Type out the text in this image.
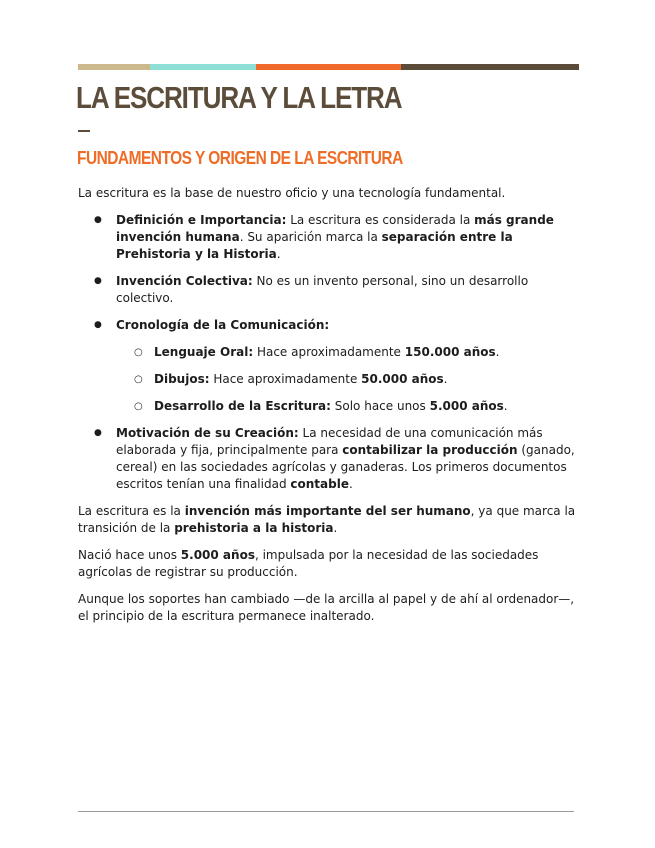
LA ESCRITURA Y LA LETRA
FUNDAMENTOS Y ORIGEN DE LA ESCRITURA

La escritura es la base de nuestro oficio y una tecnología fundamental.

● Definición e Importancia: La escritura es considerada la más grande invención humana. Su aparición marca la separación entre la Prehistoria y la Historia.
● Invención Colectiva: No es un invento personal, sino un desarrollo colectivo.
● Cronología de la Comunicación:
○ Lenguaje Oral: Hace aproximadamente 150.000 años.
○ Dibujos: Hace aproximadamente 50.000 años.
○ Desarrollo de la Escritura: Solo hace unos 5.000 años.
● Motivación de su Creación: La necesidad de una comunicación más elaborada y fija, principalmente para contabilizar la producción (ganado, cereal) en las sociedades agrícolas y ganaderas. Los primeros documentos escritos tenían una finalidad contable.

La escritura es la invención más importante del ser humano, ya que marca la transición de la prehistoria a la historia.

Nació hace unos 5.000 años, impulsada por la necesidad de las sociedades agrícolas de registrar su producción.

Aunque los soportes han cambiado —de la arcilla al papel y de ahí al ordenador—, el principio de la escritura permanece inalterado.
